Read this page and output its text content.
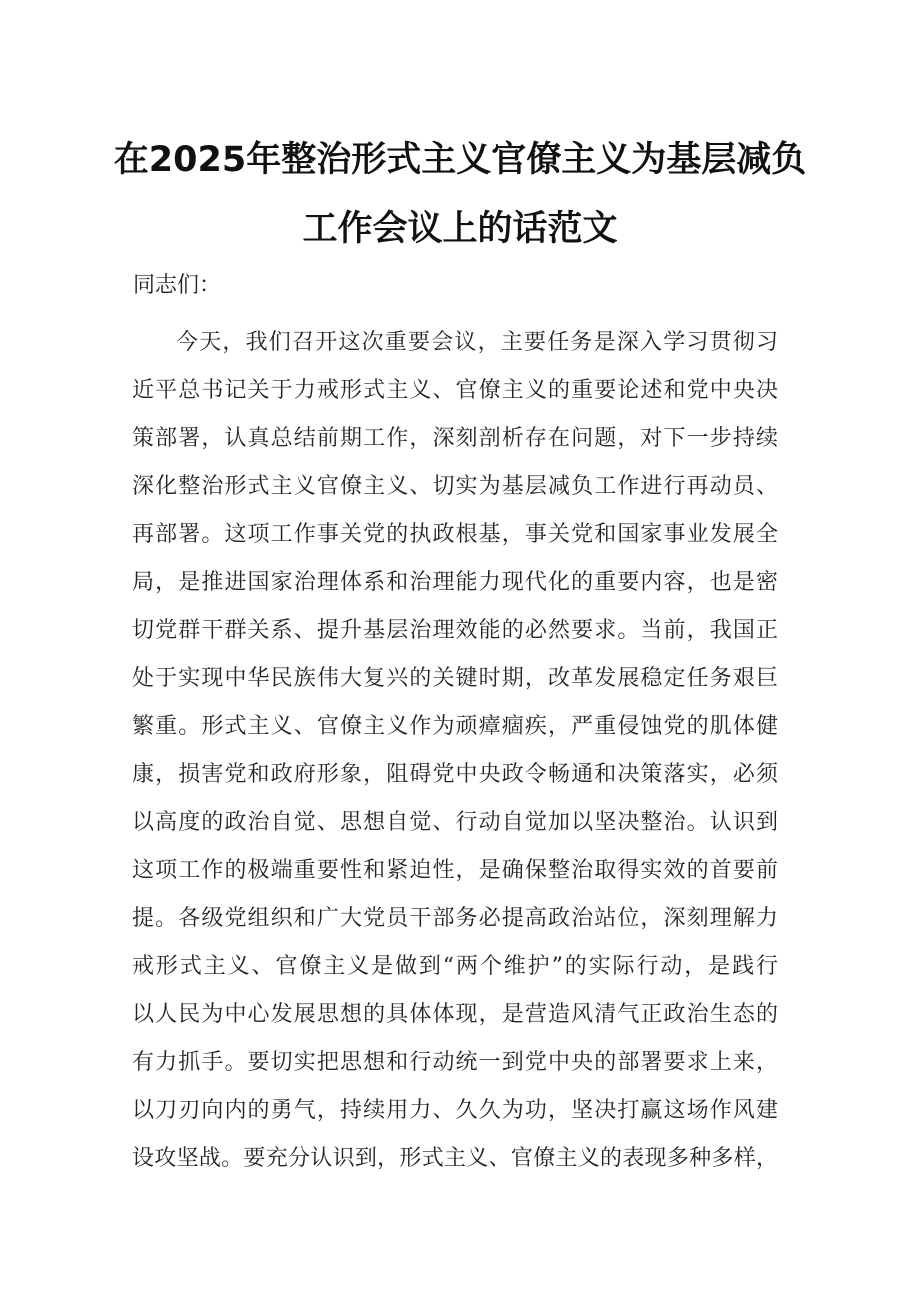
在2025年整治形式主义官僚主义为基层减负
工作会议上的话范文
同志们：
今天，我们召开这次重要会议，主要任务是深入学习贯彻习
近平总书记关于力戒形式主义、官僚主义的重要论述和党中央决
策部署，认真总结前期工作，深刻剖析存在问题，对下一步持续
深化整治形式主义官僚主义、切实为基层减负工作进行再动员、
再部署。这项工作事关党的执政根基，事关党和国家事业发展全
局，是推进国家治理体系和治理能力现代化的重要内容，也是密
切党群干群关系、提升基层治理效能的必然要求。当前，我国正
处于实现中华民族伟大复兴的关键时期，改革发展稳定任务艰巨
繁重。形式主义、官僚主义作为顽瘴痼疾，严重侵蚀党的肌体健
康，损害党和政府形象，阻碍党中央政令畅通和决策落实，必须
以高度的政治自觉、思想自觉、行动自觉加以坚决整治。认识到
这项工作的极端重要性和紧迫性，是确保整治取得实效的首要前
提。各级党组织和广大党员干部务必提高政治站位，深刻理解力
戒形式主义、官僚主义是做到“两个维护”的实际行动，是践行
以人民为中心发展思想的具体体现，是营造风清气正政治生态的
有力抓手。要切实把思想和行动统一到党中央的部署要求上来，
以刀刃向内的勇气，持续用力、久久为功，坚决打赢这场作风建
设攻坚战。要充分认识到，形式主义、官僚主义的表现多种多样，
